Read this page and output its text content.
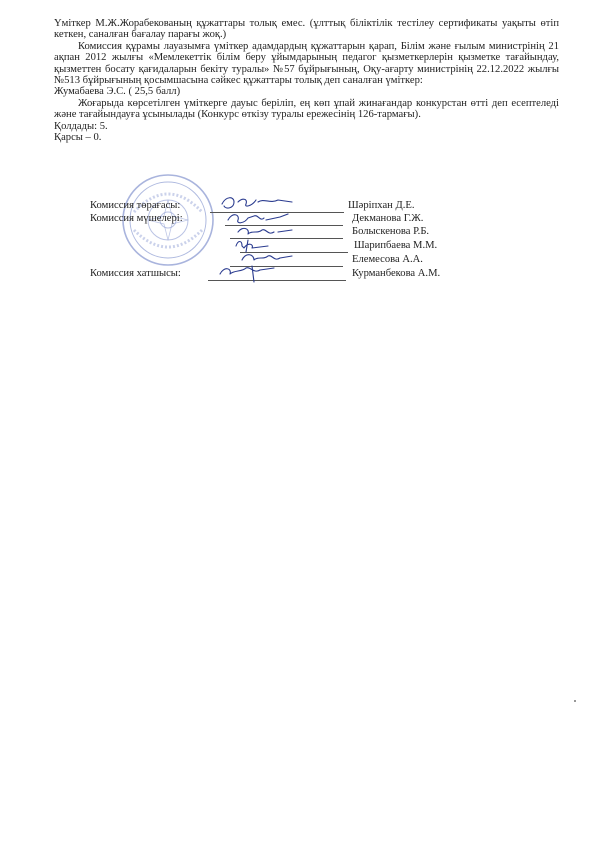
Үміткер М.Ж.Жорабекованың құжаттары толық емес. (ұлттық біліктілік тестілеу сертификаты уақыты өтіп кеткен, саналған бағалау парағы жоқ.)

Комиссия құрамы лауазымға үміткер адамдардың құжаттарын қарап, Білім және ғылым министрінің 21 ақпан 2012 жылғы «Мемлекеттік білім беру ұйымдарының педагог қызметкерлерін қызметке тағайындау, қызметтен босату қағидаларын бекіту туралы» №57 бұйрығының, Оқу-ағарту министрінің 22.12.2022 жылғы №513 бұйрығының қосымшасына сәйкес құжаттары толық деп саналған үміткер:

Жумабаева Э.С. ( 25,5 балл)

Жоғарыда көрсетілген үміткерге дауыс беріліп, ең көп ұпай жинағандар конкурстан өтті деп есептеледі және тағайындауға ұсынылады (Конкурс өткізу туралы ережесінің 126-тармағы).

Қолдады: 5.

Қарсы – 0.

Комиссия төрағасы:	Шәріпхан Д.Е.
Комиссия мүшелері:	Декманова Г.Ж.
Болыскенова Р.Б.
Шарипбаева М.М.
Елемесова А.А.
Комиссия хатшысы:	Курманбекова А.М.
